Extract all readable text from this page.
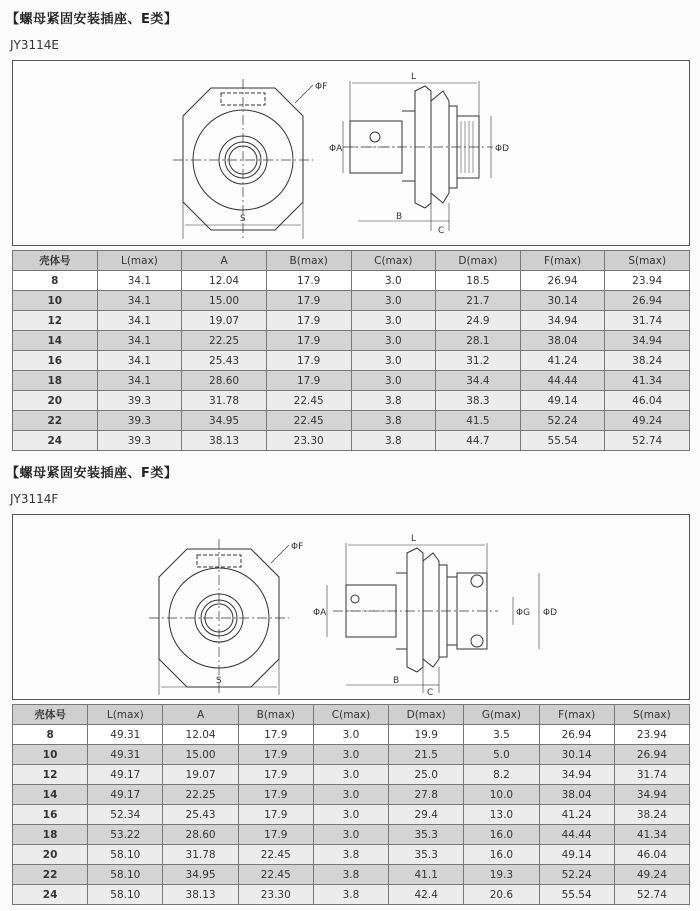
【螺母紧固安装插座、E类】
JY3114E
ΦF
S
L
ΦA	ΦD
B
C
壳体号	L(max)	A	B(max)	C(max)	D(max)	F(max)	S(max)
8	34.1	12.04	17.9	3.0	18.5	26.94	23.94
10	34.1	15.00	17.9	3.0	21.7	30.14	26.94
12	34.1	19.07	17.9	3.0	24.9	34.94	31.74
14	34.1	22.25	17.9	3.0	28.1	38.04	34.94
16	34.1	25.43	17.9	3.0	31.2	41.24	38.24
18	34.1	28.60	17.9	3.0	34.4	44.44	41.34
20	39.3	31.78	22.45	3.8	38.3	49.14	46.04
22	39.3	34.95	22.45	3.8	41.5	52.24	49.24
24	39.3	38.13	23.30	3.8	44.7	55.54	52.74
【螺母紧固安装插座、F类】
JY3114F
ΦF
S
L
ΦA	ΦG ΦD
B
C
壳体号	L(max)	A	B(max)	C(max)	D(max)	G(max)	F(max)	S(max)
8	49.31	12.04	17.9	3.0	19.9	3.5	26.94	23.94
10	49.31	15.00	17.9	3.0	21.5	5.0	30.14	26.94
12	49.17	19.07	17.9	3.0	25.0	8.2	34.94	31.74
14	49.17	22.25	17.9	3.0	27.8	10.0	38.04	34.94
16	52.34	25.43	17.9	3.0	29.4	13.0	41.24	38.24
18	53.22	28.60	17.9	3.0	35.3	16.0	44.44	41.34
20	58.10	31.78	22.45	3.8	35.3	16.0	49.14	46.04
22	58.10	34.95	22.45	3.8	41.1	19.3	52.24	49.24
24	58.10	38.13	23.30	3.8	42.4	20.6	55.54	52.74
